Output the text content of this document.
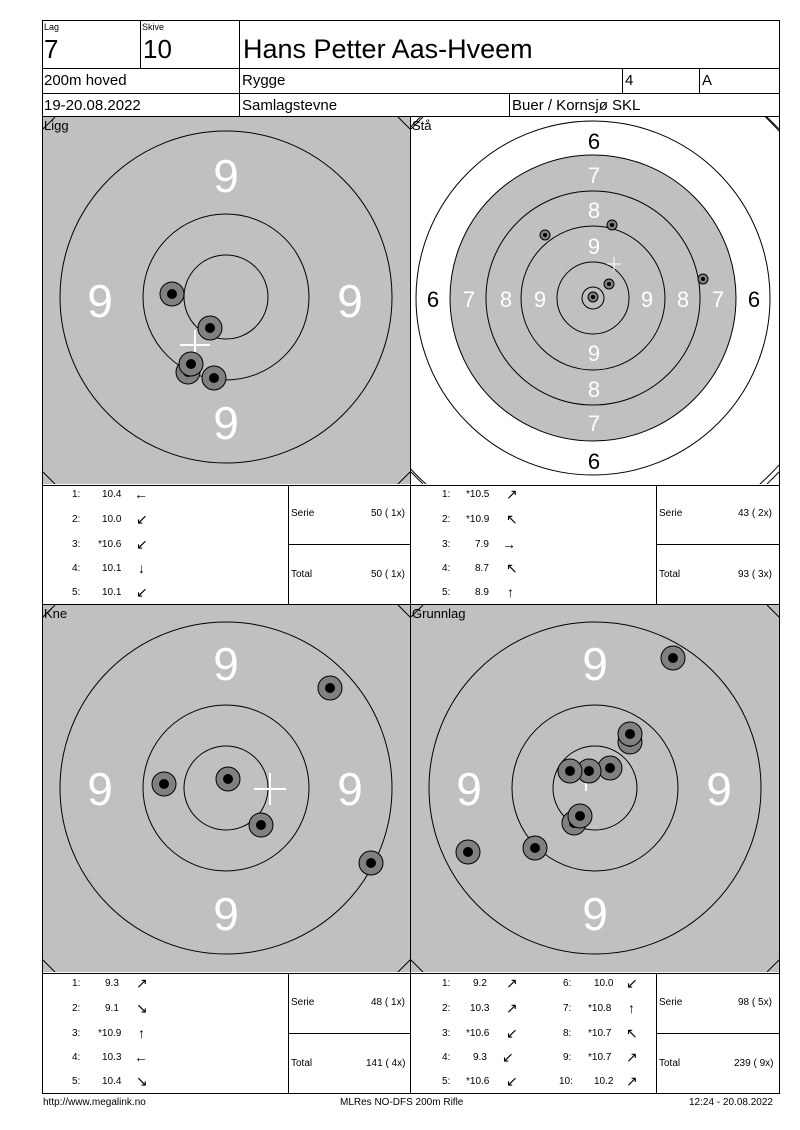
Lag
7
Skive
10	Hans Petter Aas-Hveem
200m hoved	Rygge	4	A
19-20.08.2022	Samlagstevne	Buer / Kornsjø SKL
9
9
9	9
Ligg
6
6
6	6
7
7
7	7
8
8
8	8
9
9
9	9
Stå
9
9
9	9
Kne
9
9
9	9
Grunnlag
1: 10.4 ←
2: 10.0 ↙
3: *10.6 ↙
4: 10.1 ↓
5: 10.1 ↙
Serie	50 ( 1x)
Total	50 ( 1x)
1: *10.5 ↗
2: *10.9 ↖
3: 7.9 →
4: 8.7 ↖
5: 8.9 ↑
Serie	43 ( 2x)
Total	93 ( 3x)
1: 9.3 ↗
2: 9.1 ↘
3: *10.9 ↑
4: 10.3 ←
5: 10.4 ↘
Serie	48 ( 1x)
Total	141 ( 4x)
1: 9.2 ↗
2: 10.3 ↗
3: *10.6 ↙
4: 9.3 ↙
5: *10.6 ↙
6: 10.0 ↙
7: *10.8 ↑
8: *10.7 ↖
9: *10.7 ↗
10: 10.2 ↗
Serie	98 ( 5x)
Total	239 ( 9x)
http://www.megalink.no	MLRes NO-DFS 200m Rifle	12:24 - 20.08.2022
